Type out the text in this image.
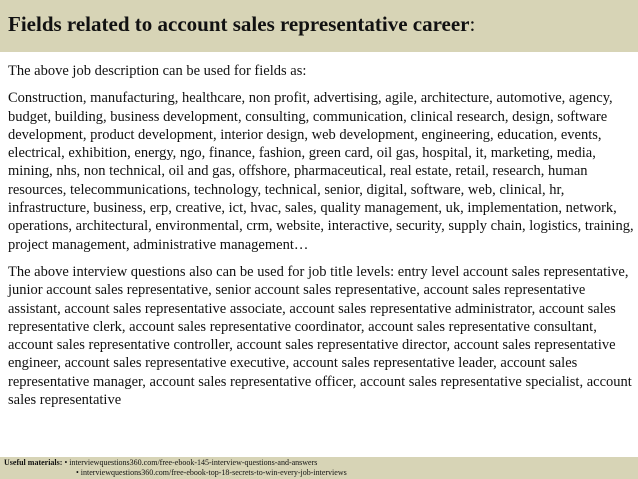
Fields related to account sales representative career:

The above job description can be used for fields as:

Construction, manufacturing, healthcare, non profit, advertising, agile, architecture, automotive, agency, budget, building, business development, consulting, communication, clinical research, design, software development, product development, interior design, web development, engineering, education, events, electrical, exhibition, energy, ngo, finance, fashion, green card, oil gas, hospital, it, marketing, media, mining, nhs, non technical, oil and gas, offshore, pharmaceutical, real estate, retail, research, human resources, telecommunications, technology, technical, senior, digital, software, web, clinical, hr, infrastructure, business, erp, creative, ict, hvac, sales, quality management, uk, implementation, network, operations, architectural, environmental, crm, website, interactive, security, supply chain, logistics, training, project management, administrative management…

The above interview questions also can be used for job title levels: entry level account sales representative, junior account sales representative, senior account sales representative, account sales representative assistant, account sales representative associate, account sales representative administrator, account sales representative clerk, account sales representative coordinator, account sales representative consultant, account sales representative controller, account sales representative director, account sales representative engineer, account sales representative executive, account sales representative leader, account sales representative manager, account sales representative officer, account sales representative specialist, account sales representative

Useful materials: • interviewquestions360.com/free-ebook-145-interview-questions-and-answers
• interviewquestions360.com/free-ebook-top-18-secrets-to-win-every-job-interviews
